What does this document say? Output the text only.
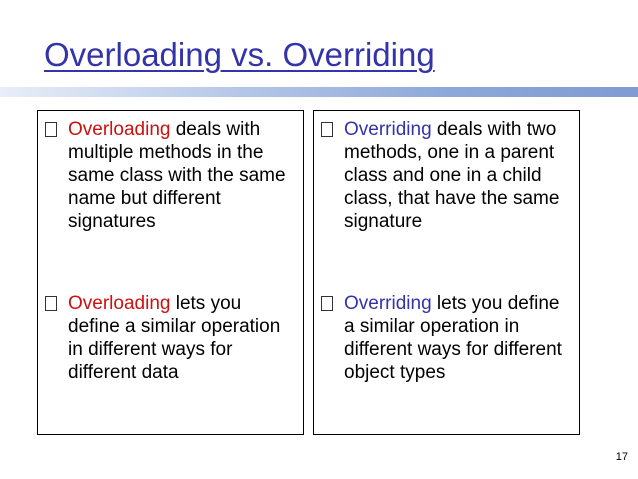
Overloading vs. Overriding
Overloading deals with multiple methods in the same class with the same name but different signatures
Overloading lets you define a similar operation in different ways for different data
Overriding deals with two methods, one in a parent class and one in a child class, that have the same signature
Overriding lets you define a similar operation in different ways for different object types
17
